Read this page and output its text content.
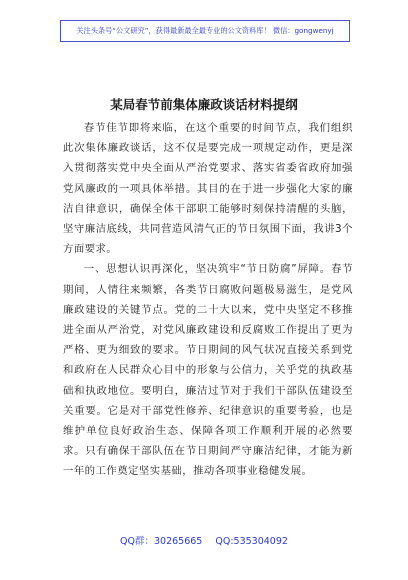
关注头条号“公文研究”，获得最新最全最专业的公文资料库！ 微信：gongwenyj
某局春节前集体廉政谈话材料提纲

春节佳节即将来临，在这个重要的时间节点，我们组织此次集体廉政谈话，这不仅是要完成一项规定动作，更是深入贯彻落实党中央全面从严治党要求、落实省委省政府加强党风廉政的一项具体举措。其目的在于进一步强化大家的廉洁自律意识，确保全体干部职工能够时刻保持清醒的头脑，坚守廉洁底线，共同营造风清气正的节日氛围下面，我讲3个方面要求。

一、思想认识再深化，坚决筑牢“节日防腐”屏障。春节期间，人情往来频繁，各类节日腐败问题极易滋生，是党风廉政建设的关键节点。党的二十大以来，党中央坚定不移推进全面从严治党，对党风廉政建设和反腐败工作提出了更为严格、更为细致的要求。节日期间的风气状况直接关系到党和政府在人民群众心目中的形象与公信力，关乎党的执政基础和执政地位。要明白，廉洁过节对于我们干部队伍建设至关重要。它是对干部党性修养、纪律意识的重要考验，也是维护单位良好政治生态、保障各项工作顺利开展的必然要求。只有确保干部队伍在节日期间严守廉洁纪律，才能为新一年的工作奠定坚实基础，推动各项事业稳健发展。

QQ群：30265665 QQ:535304092
